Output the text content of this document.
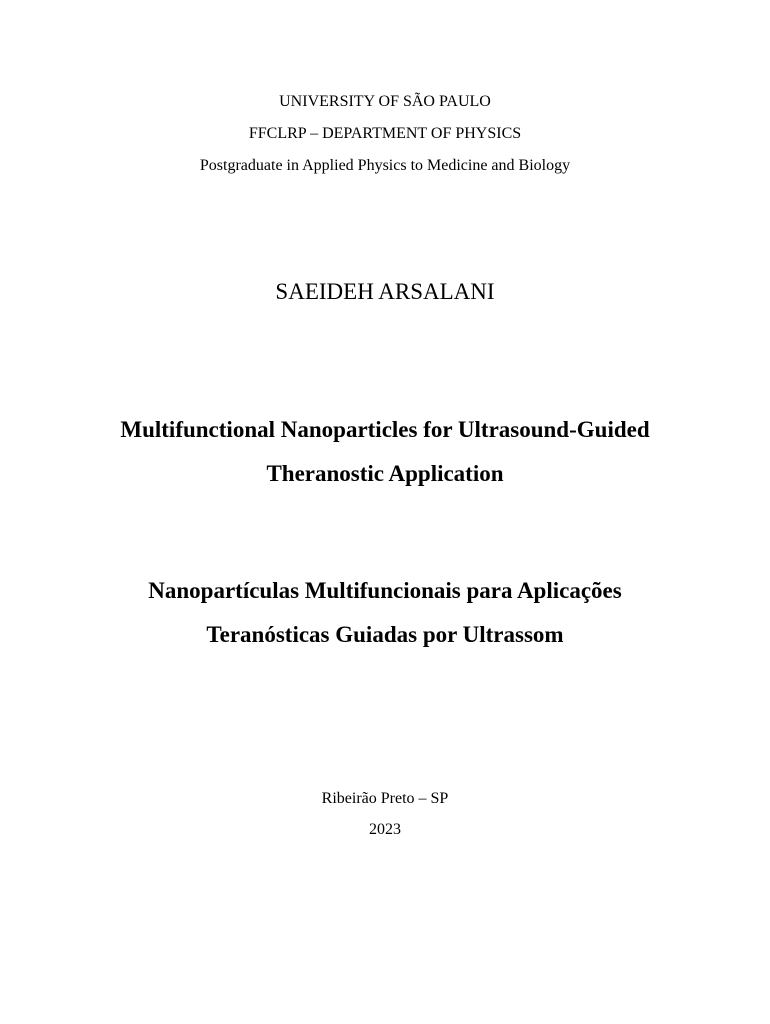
UNIVERSITY OF SÃO PAULO
FFCLRP – DEPARTMENT OF PHYSICS
Postgraduate in Applied Physics to Medicine and Biology
SAEIDEH ARSALANI
Multifunctional Nanoparticles for Ultrasound-Guided
Theranostic Application
Nanopartículas Multifuncionais para Aplicações
Teranósticas Guiadas por Ultrassom
Ribeirão Preto – SP
2023
